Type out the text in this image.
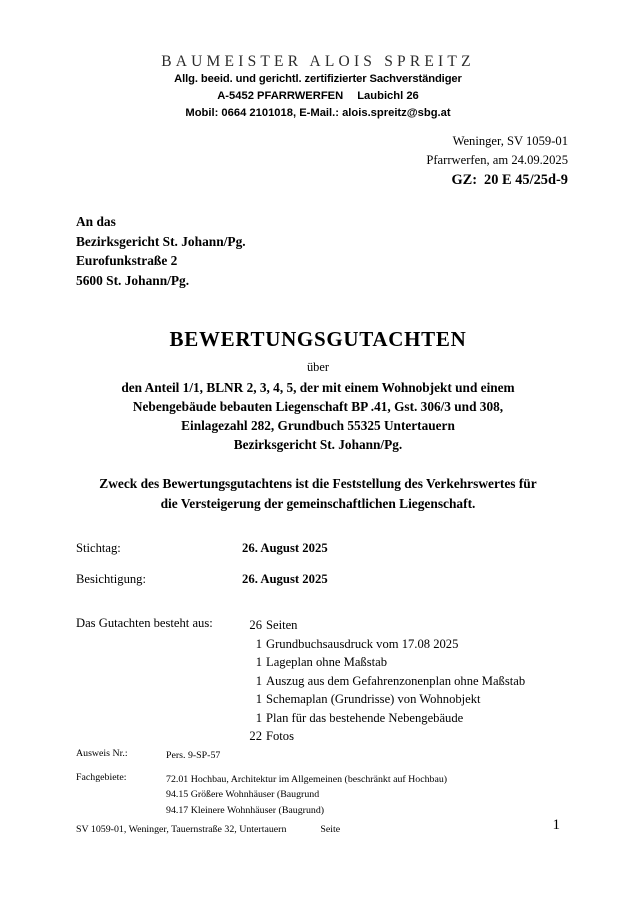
BAUMEISTER ALOIS SPREITZ
Allg. beeid. und gerichtl. zertifizierter Sachverständiger
A-5452 PFARRWERFEN Laubichl 26
Mobil: 0664 2101018, E-Mail.: alois.spreitz@sbg.at
Weninger, SV 1059-01
Pfarrwerfen, am 24.09.2025
GZ: 20 E 45/25d-9
An das
Bezirksgericht St. Johann/Pg.
Eurofunkstraße 2
5600 St. Johann/Pg.
BEWERTUNGSGUTACHTEN
über
den Anteil 1/1, BLNR 2, 3, 4, 5, der mit einem Wohnobjekt und einem
Nebengebäude bebauten Liegenschaft BP .41, Gst. 306/3 und 308,
Einlagezahl 282, Grundbuch 55325 Untertauern
Bezirksgericht St. Johann/Pg.
Zweck des Bewertungsgutachtens ist die Feststellung des Verkehrswertes für
die Versteigerung der gemeinschaftlichen Liegenschaft.
Stichtag:	26. August 2025
Besichtigung:	26. August 2025
Das Gutachten besteht aus:	26 Seiten
1 Grundbuchsausdruck vom 17.08 2025
1 Lageplan ohne Maßstab
1 Auszug aus dem Gefahrenzonenplan ohne Maßstab
1 Schemaplan (Grundrisse) von Wohnobjekt
1 Plan für das bestehende Nebengebäude
22 Fotos
Ausweis Nr.:	Pers. 9-SP-57
Fachgebiete:	72.01 Hochbau, Architektur im Allgemeinen (beschränkt auf Hochbau)
94.15 Größere Wohnhäuser (Baugrund
94.17 Kleinere Wohnhäuser (Baugrund)
SV 1059-01, Weninger, Tauernstraße 32, Untertauern	Seite	1
